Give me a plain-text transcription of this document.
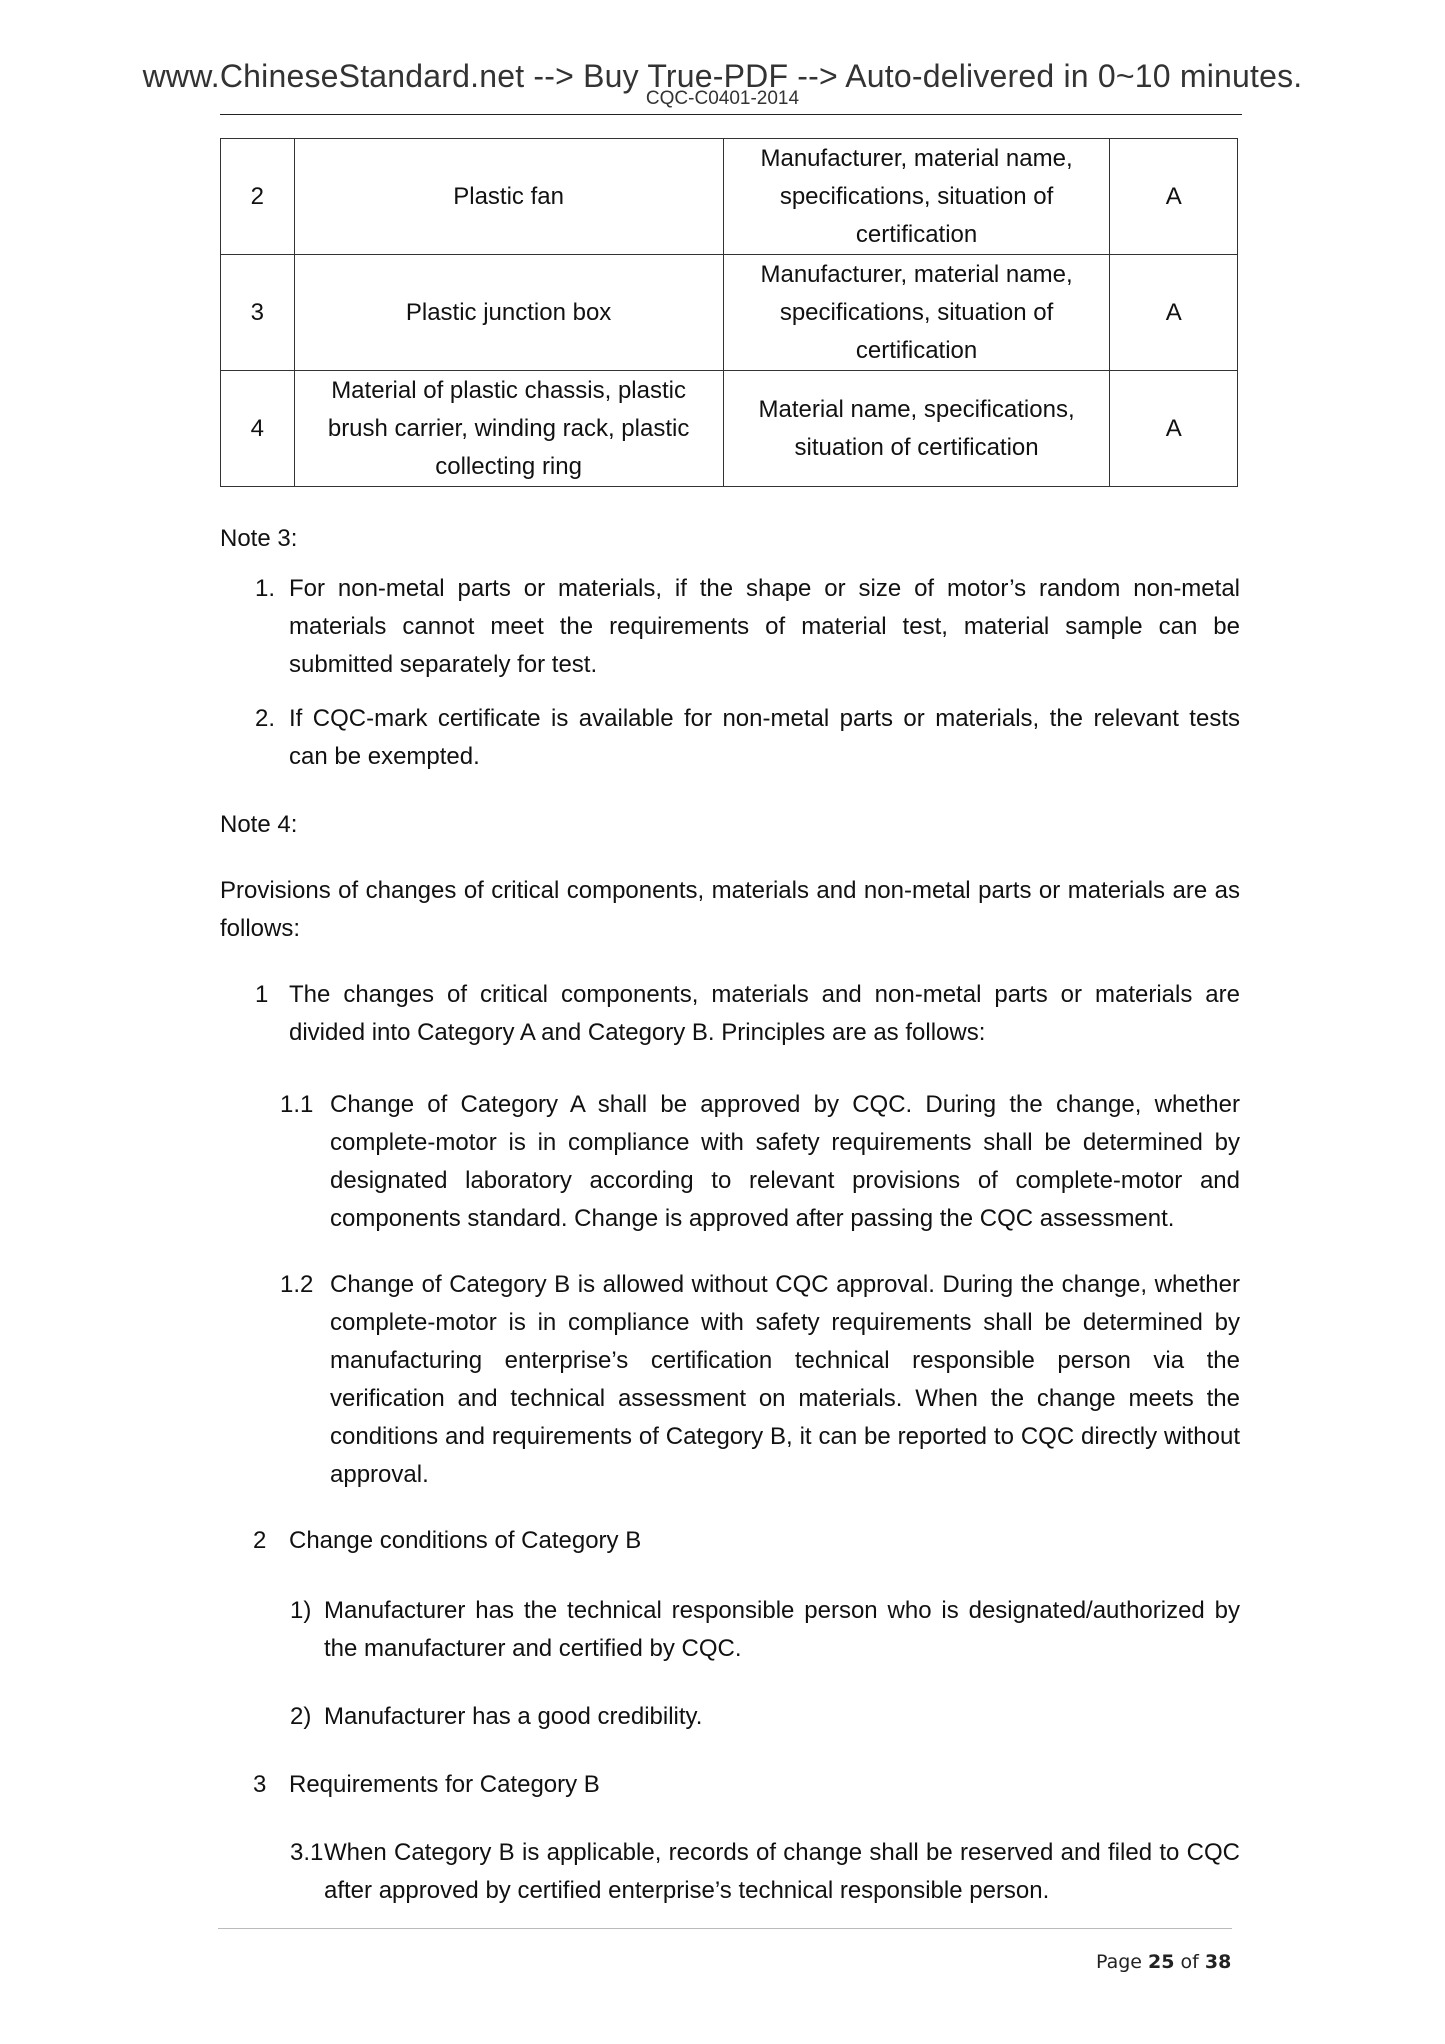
www.ChineseStandard.net --> Buy True-PDF --> Auto-delivered in 0~10 minutes.
CQC-C0401-2014
2	Plastic fan	Manufacturer, material name, specifications, situation of certification	A
3	Plastic junction box	Manufacturer, material name, specifications, situation of certification	A
4	Material of plastic chassis, plastic brush carrier, winding rack, plastic collecting ring	Material name, specifications, situation of certification	A
Note 3:
1. For non-metal parts or materials, if the shape or size of motor’s random non-metal materials cannot meet the requirements of material test, material sample can be submitted separately for test.
2. If CQC-mark certificate is available for non-metal parts or materials, the relevant tests can be exempted.
Note 4:
Provisions of changes of critical components, materials and non-metal parts or materials are as follows:
1 The changes of critical components, materials and non-metal parts or materials are divided into Category A and Category B. Principles are as follows:
1.1 Change of Category A shall be approved by CQC. During the change, whether complete-motor is in compliance with safety requirements shall be determined by designated laboratory according to relevant provisions of complete-motor and components standard. Change is approved after passing the CQC assessment.
1.2 Change of Category B is allowed without CQC approval. During the change, whether complete-motor is in compliance with safety requirements shall be determined by manufacturing enterprise’s certification technical responsible person via the verification and technical assessment on materials. When the change meets the conditions and requirements of Category B, it can be reported to CQC directly without approval.
2 Change conditions of Category B
1) Manufacturer has the technical responsible person who is designated/authorized by the manufacturer and certified by CQC.
2) Manufacturer has a good credibility.
3 Requirements for Category B
3.1 When Category B is applicable, records of change shall be reserved and filed to CQC after approved by certified enterprise’s technical responsible person.
Page 25 of 38
